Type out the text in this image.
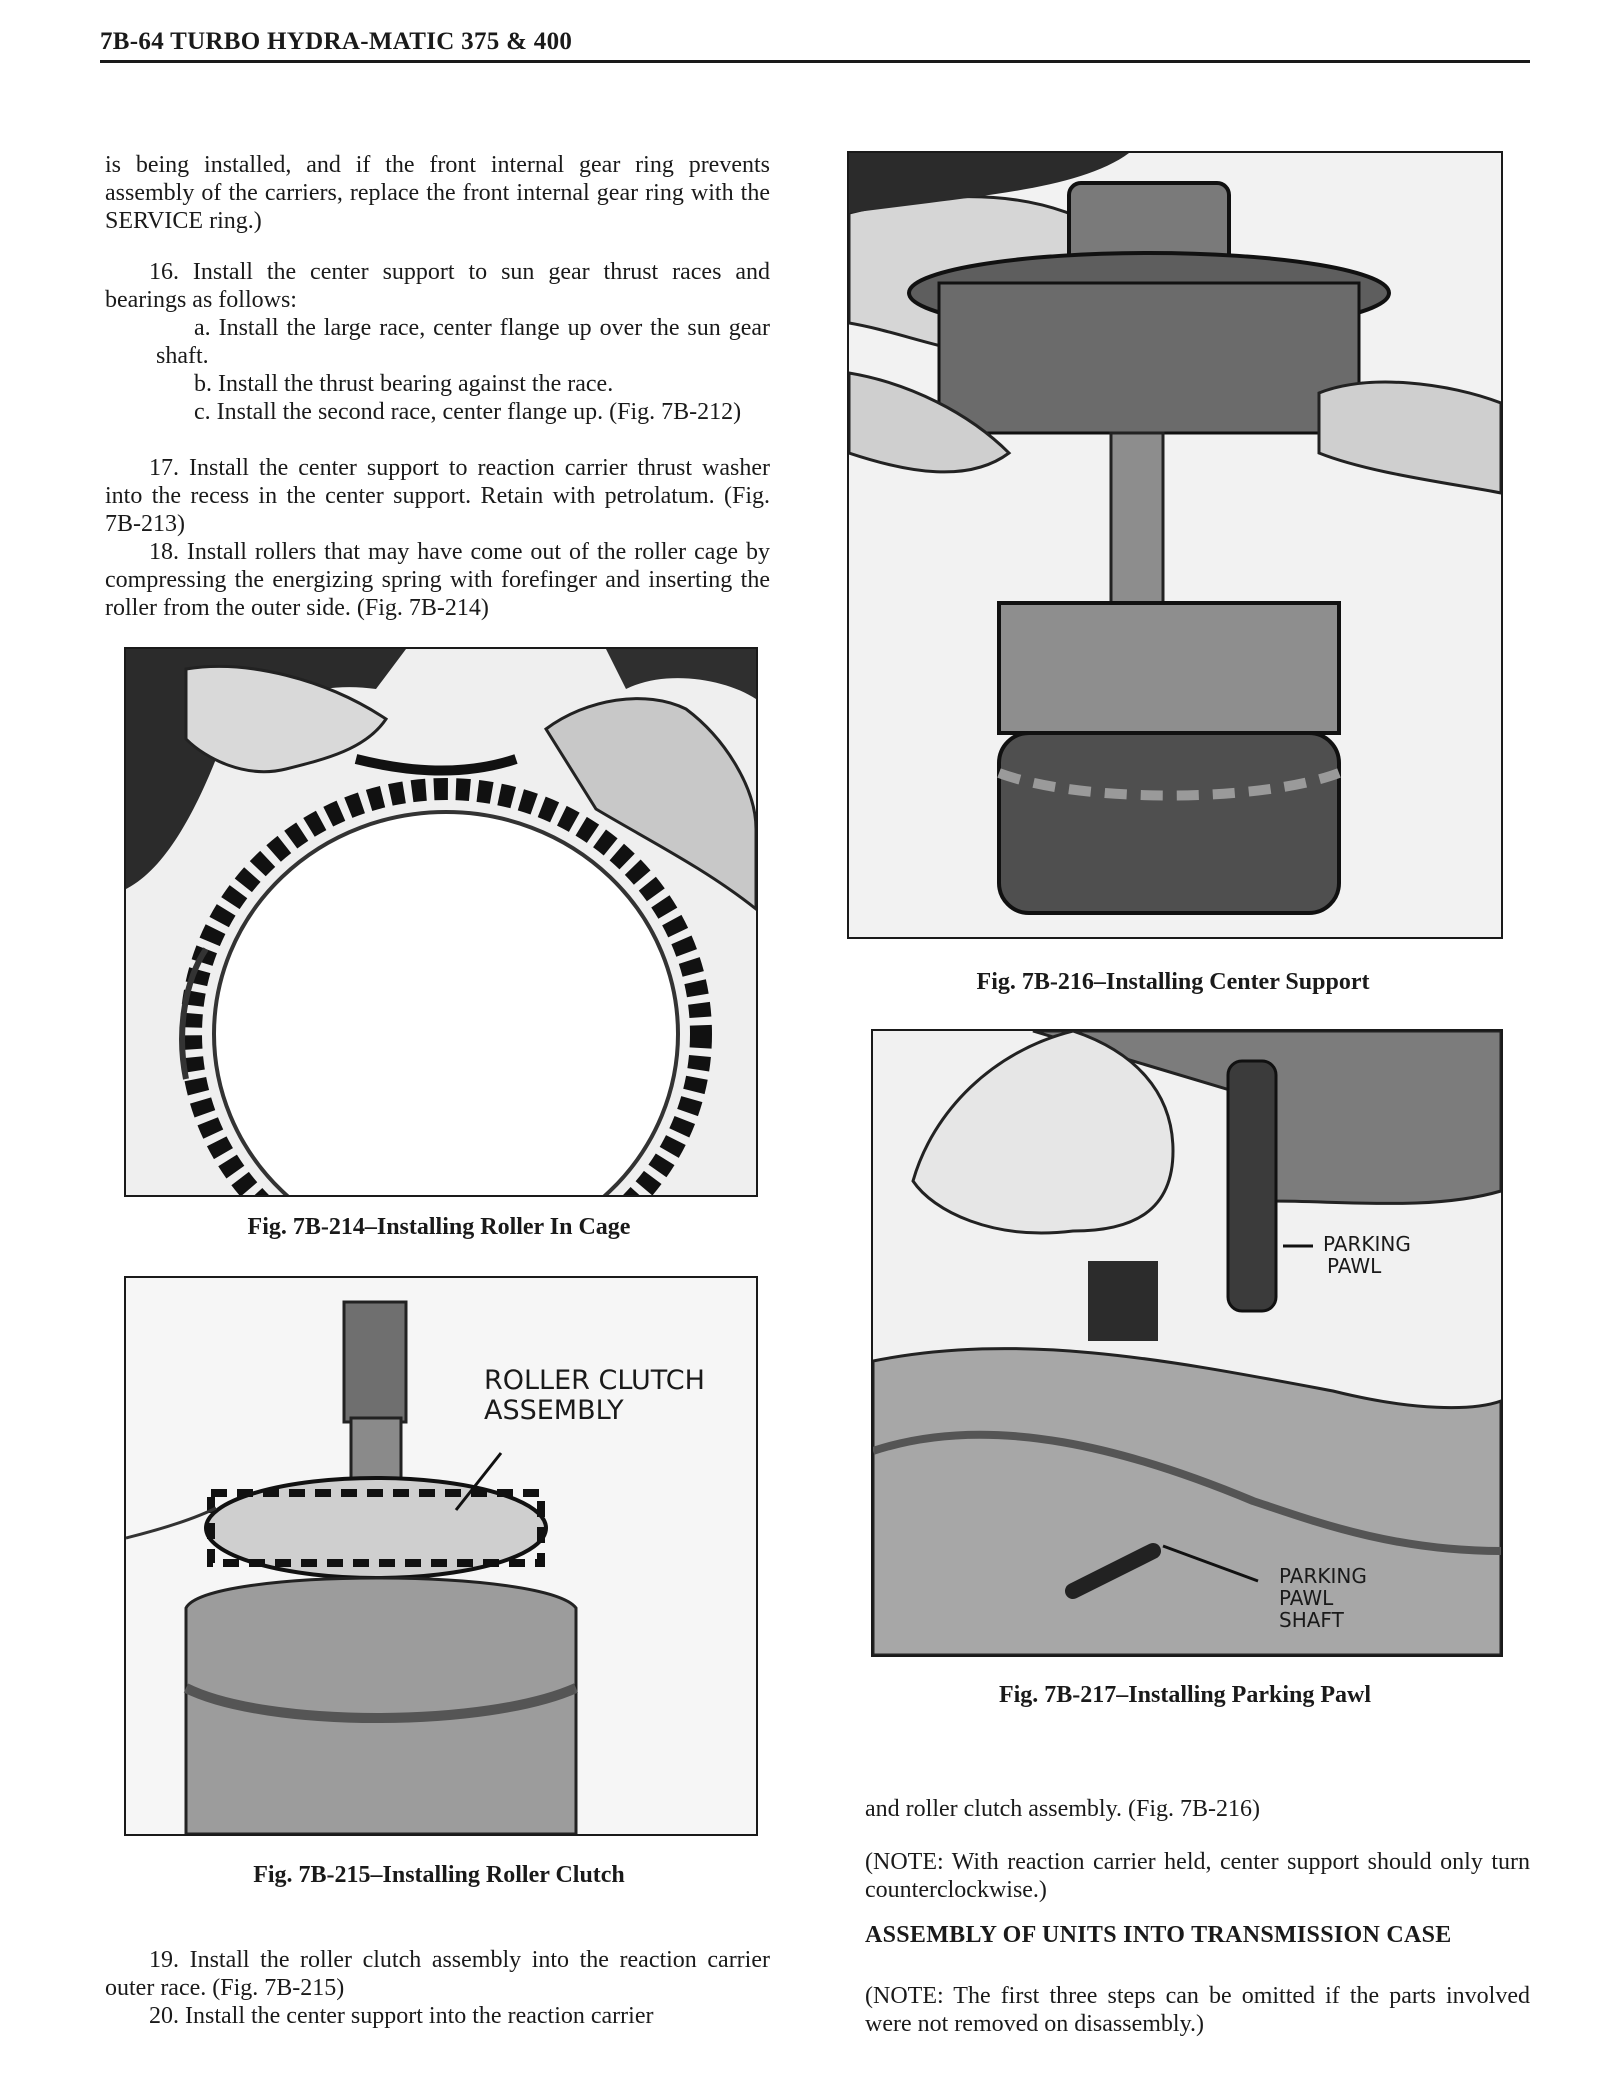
7B-64 TURBO HYDRA-MATIC 375 & 400
is being installed, and if the front internal gear ring prevents assembly of the carriers, replace the front internal gear ring with the SERVICE ring.)
16. Install the center support to sun gear thrust races and bearings as follows:
a. Install the large race, center flange up over the sun gear shaft.
b. Install the thrust bearing against the race.
c. Install the second race, center flange up. (Fig. 7B-212)
17. Install the center support to reaction carrier thrust washer into the recess in the center support. Retain with petrolatum. (Fig. 7B-213)
18. Install rollers that may have come out of the roller cage by compressing the energizing spring with forefinger and inserting the roller from the outer side. (Fig. 7B-214)
Fig. 7B-214–Installing Roller In Cage
ROLLER CLUTCH
ASSEMBLY
Fig. 7B-215–Installing Roller Clutch
19. Install the roller clutch assembly into the reaction carrier outer race. (Fig. 7B-215)
20. Install the center support into the reaction carrier
Fig. 7B-216–Installing Center Support
PARKING
PAWL
PARKING
PAWL
SHAFT
Fig. 7B-217–Installing Parking Pawl
and roller clutch assembly. (Fig. 7B-216)
(NOTE: With reaction carrier held, center support should only turn counterclockwise.)
ASSEMBLY OF UNITS INTO TRANSMISSION CASE
(NOTE: The first three steps can be omitted if the parts involved were not removed on disassembly.)
